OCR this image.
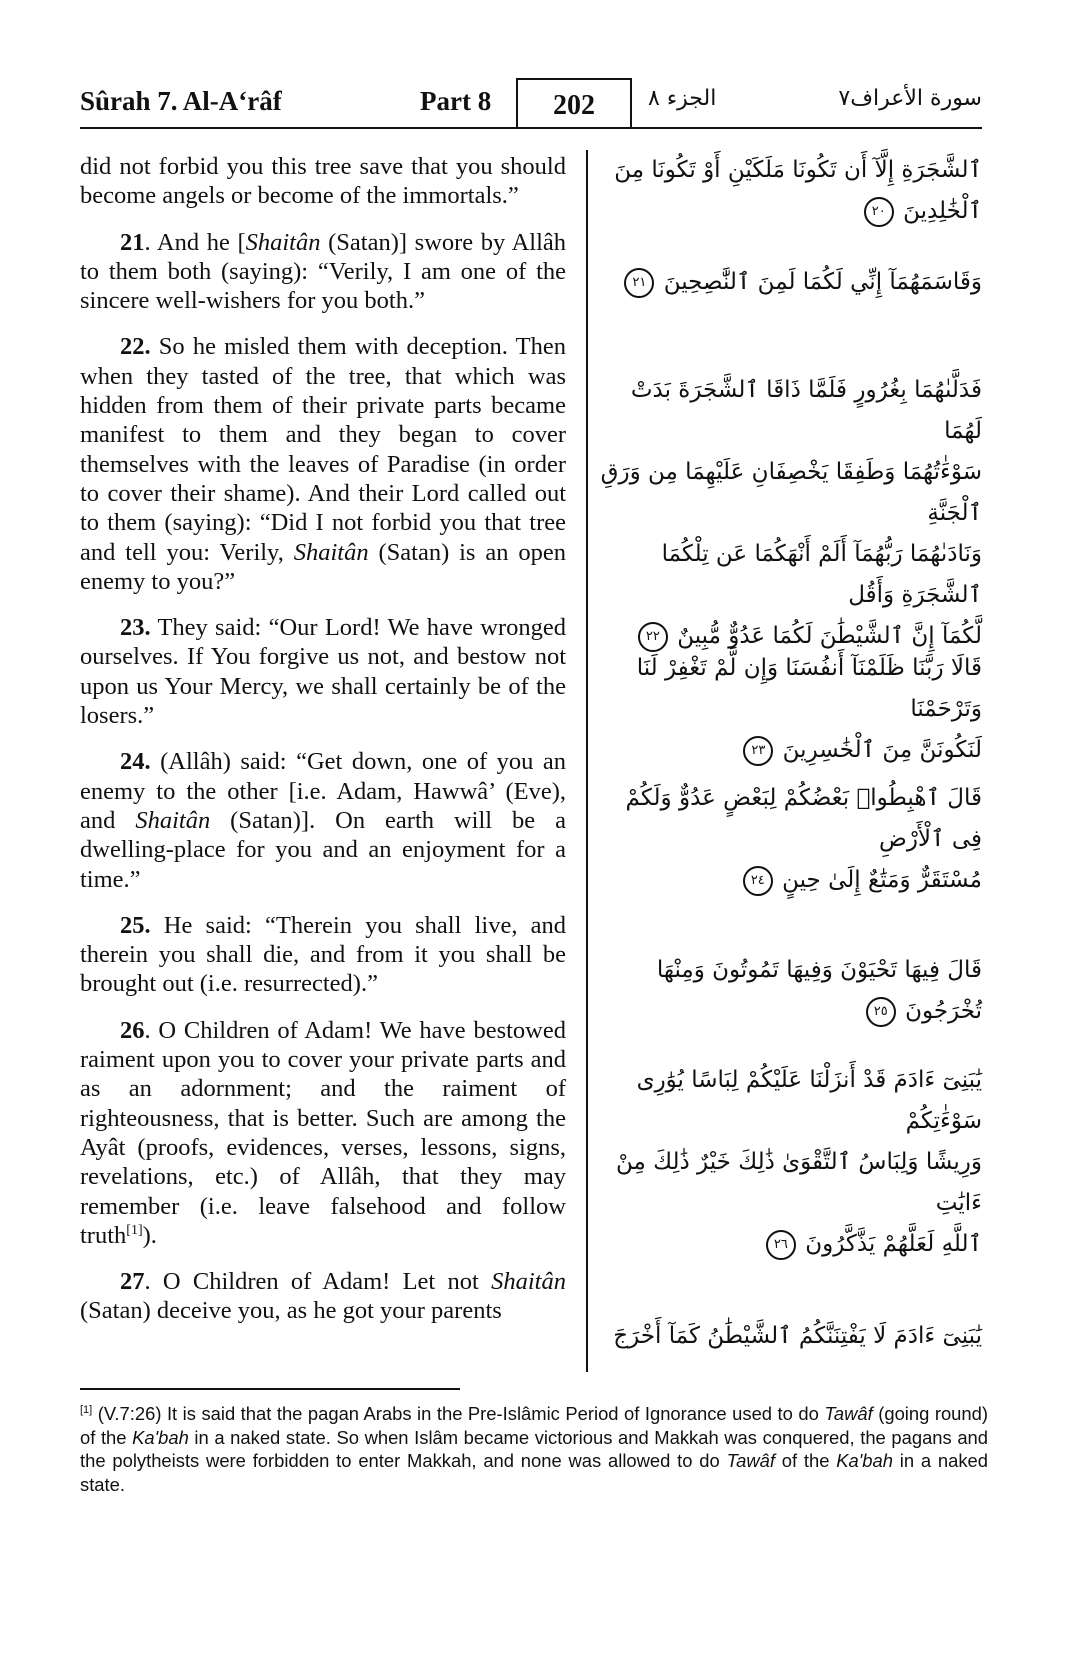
Sûrah 7. Al-A‘râf	Part 8	202	الجزء ٨	سورة الأعراف٧

did not forbid you this tree save that you should become angels or become of the immortals.”

21. And he [Shaitân (Satan)] swore by Allâh to them both (saying): “Verily, I am one of the sincere well-wishers for you both.”

22. So he misled them with deception. Then when they tasted of the tree, that which was hidden from them of their private parts became manifest to them and they began to cover themselves with the leaves of Paradise (in order to cover their shame). And their Lord called out to them (saying): “Did I not forbid you that tree and tell you: Verily, Shaitân (Satan) is an open enemy to you?”

23. They said: “Our Lord! We have wronged ourselves. If You forgive us not, and bestow not upon us Your Mercy, we shall certainly be of the losers.”

24. (Allâh) said: “Get down, one of you an enemy to the other [i.e. Adam, Hawwâ’ (Eve), and Shaitân (Satan)]. On earth will be a dwelling-place for you and an enjoyment for a time.”

25. He said: “Therein you shall live, and therein you shall die, and from it you shall be brought out (i.e. resurrected).”

26. O Children of Adam! We have bestowed raiment upon you to cover your private parts and as an adornment; and the raiment of righteousness, that is better. Such are among the Ayât (proofs, evidences, verses, lessons, signs, revelations, etc.) of Allâh, that they may remember (i.e. leave falsehood and follow truth[1]).

27. O Children of Adam! Let not Shaitân (Satan) deceive you, as he got your parents

ٱلشَّجَرَةِ إِلَّآ أَن تَكُونَا مَلَكَيْنِ أَوْ تَكُونَا مِنَ
ٱلْخَٰلِدِينَ ٢٠
وَقَاسَمَهُمَآ إِنِّي لَكُمَا لَمِنَ ٱلنَّٰصِحِينَ ٢١
فَدَلَّىٰهُمَا بِغُرُورٍ فَلَمَّا ذَاقَا ٱلشَّجَرَةَ بَدَتْ لَهُمَا
سَوْءَٰتُهُمَا وَطَفِقَا يَخْصِفَانِ عَلَيْهِمَا مِن وَرَقِ ٱلْجَنَّةِ
وَنَادَىٰهُمَا رَبُّهُمَآ أَلَمْ أَنْهَكُمَا عَن تِلْكُمَا ٱلشَّجَرَةِ وَأَقُل
لَّكُمَآ إِنَّ ٱلشَّيْطَٰنَ لَكُمَا عَدُوٌّ مُّبِينٌ ٢٢
قَالَا رَبَّنَا ظَلَمْنَآ أَنفُسَنَا وَإِن لَّمْ تَغْفِرْ لَنَا وَتَرْحَمْنَا
لَنَكُونَنَّ مِنَ ٱلْخَٰسِرِينَ ٢٣
قَالَ ٱهْبِطُوا۟ بَعْضُكُمْ لِبَعْضٍ عَدُوٌّ وَلَكُمْ فِى ٱلْأَرْضِ
مُسْتَقَرٌّ وَمَتَٰعٌ إِلَىٰ حِينٍ ٢٤
قَالَ فِيهَا تَحْيَوْنَ وَفِيهَا تَمُوتُونَ وَمِنْهَا
تُخْرَجُونَ ٢٥
يَٰبَنِىٓ ءَادَمَ قَدْ أَنزَلْنَا عَلَيْكُمْ لِبَاسًا يُوَٰرِى سَوْءَٰتِكُمْ
وَرِيشًا وَلِبَاسُ ٱلتَّقْوَىٰ ذَٰلِكَ خَيْرٌ ذَٰلِكَ مِنْ ءَايَٰتِ
ٱللَّهِ لَعَلَّهُمْ يَذَّكَّرُونَ ٢٦
يَٰبَنِىٓ ءَادَمَ لَا يَفْتِنَنَّكُمُ ٱلشَّيْطَٰنُ كَمَآ أَخْرَجَ
[1] (V.7:26) It is said that the pagan Arabs in the Pre-Islâmic Period of Ignorance used to do Tawâf (going round) of the Ka'bah in a naked state. So when Islâm became victorious and Makkah was conquered, the pagans and the polytheists were forbidden to enter Makkah, and none was allowed to do Tawâf of the Ka'bah in a naked state.
